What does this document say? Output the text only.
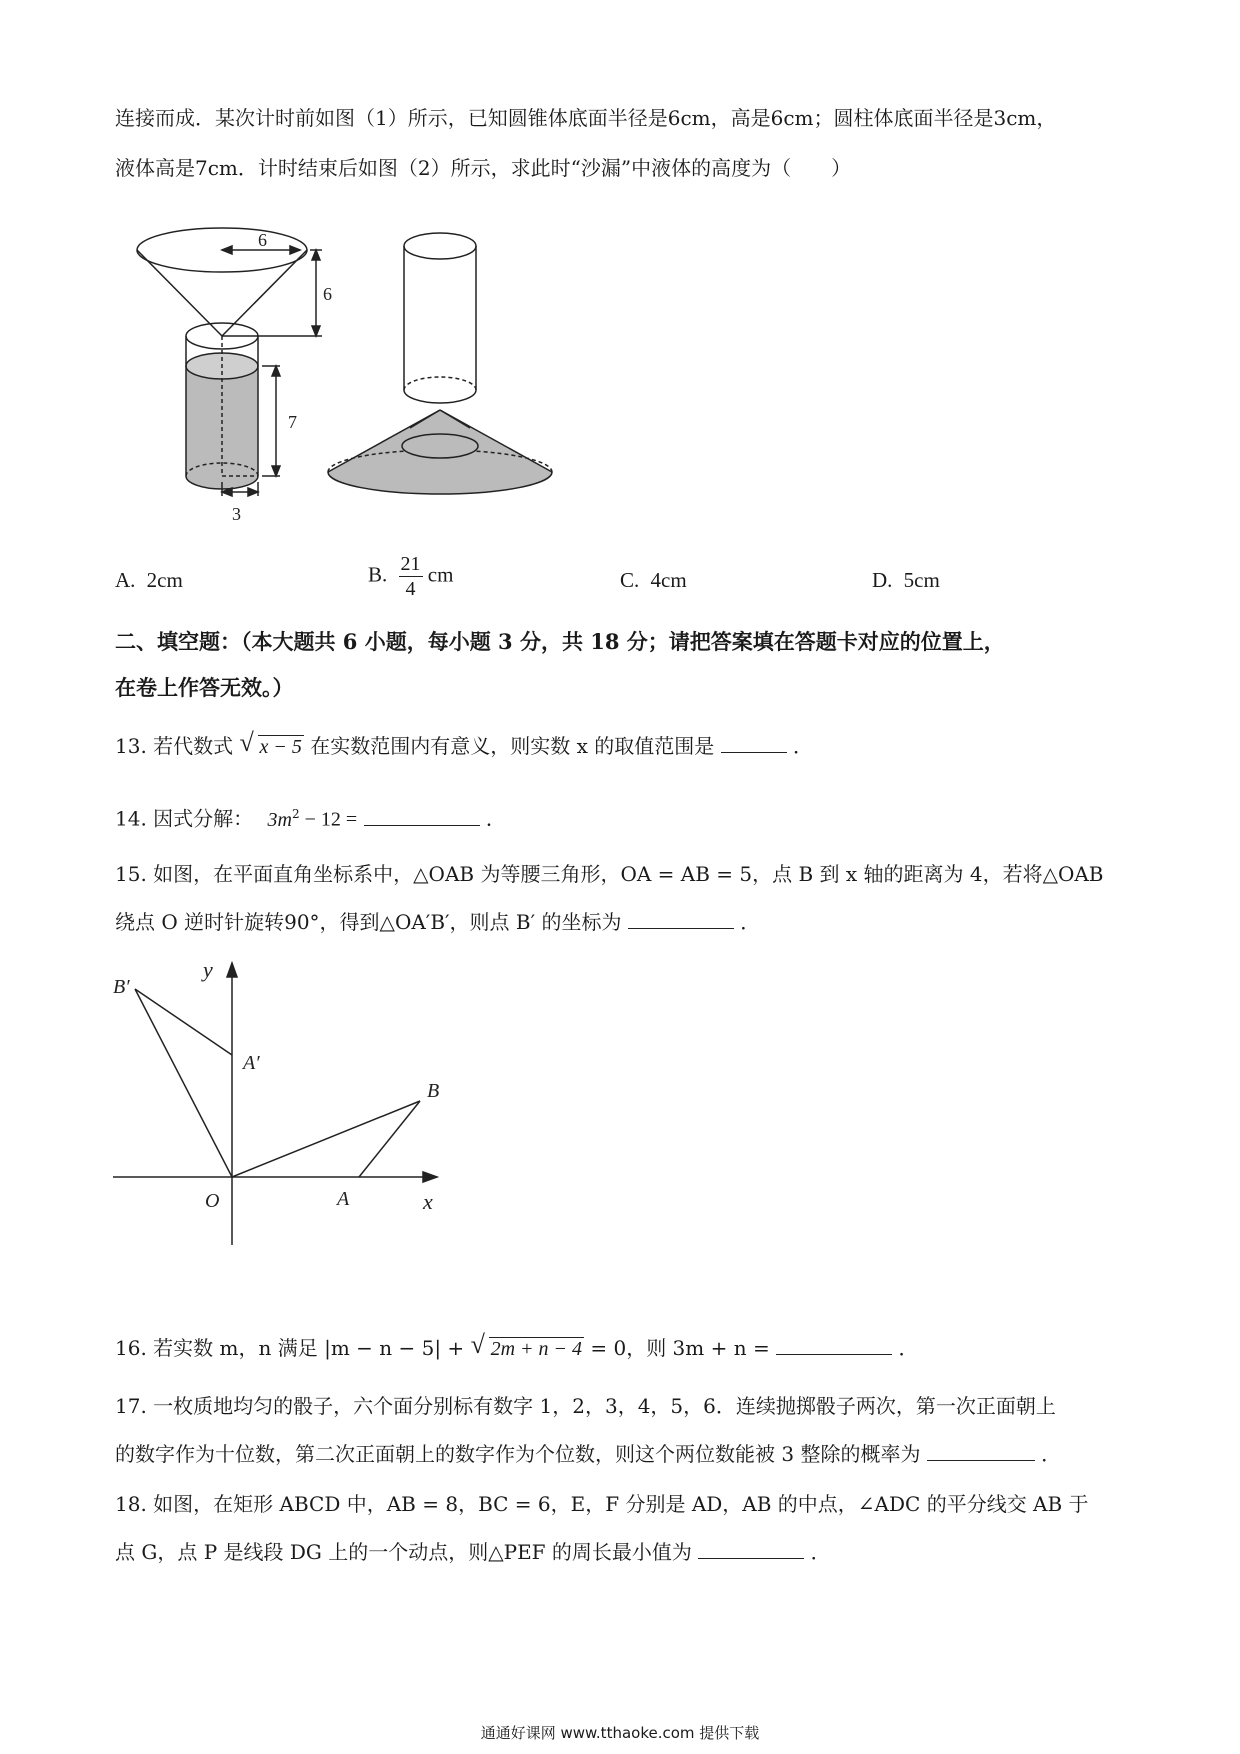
连接而成．某次计时前如图（1）所示，已知圆锥体底面半径是6cm，高是6cm；圆柱体底面半径是3cm，
液体高是7cm．计时结束后如图（2）所示，求此时“沙漏”中液体的高度为（　　）
6
6
7
3
A. 2cm	B. $\frac{21}{4}$ cm	C. 4cm	D. 5cm
二、填空题：（本大题共 6 小题，每小题 3 分，共 18 分；请把答案填在答题卡对应的位置上，
在卷上作答无效。）
13. 若代数式 √ x − 5 在实数范围内有意义，则实数 x 的取值范围是	．
14. 因式分解： $3m^2 - 12$ =	．
15. 如图，在平面直角坐标系中，△OAB 为等腰三角形，OA = AB = 5，点 B 到 x 轴的距离为 4，若将△OAB
绕点 O 逆时针旋转90°，得到△OA′B′，则点 B′ 的坐标为	．
B′
y
A′
B
O	A	x
16. 若实数 m，n 满足 |m − n − 5| + √ 2m + n − 4 = 0，则 3m + n =	．
17. 一枚质地均匀的骰子，六个面分别标有数字 1，2，3，4，5，6．连续抛掷骰子两次，第一次正面朝上
的数字作为十位数，第二次正面朝上的数字作为个位数，则这个两位数能被 3 整除的概率为	．
18. 如图，在矩形 ABCD 中，AB = 8，BC = 6，E，F 分别是 AD，AB 的中点，∠ADC 的平分线交 AB 于
点 G，点 P 是线段 DG 上的一个动点，则△PEF 的周长最小值为	．
通通好课网 www.tthaoke.com 提供下载
